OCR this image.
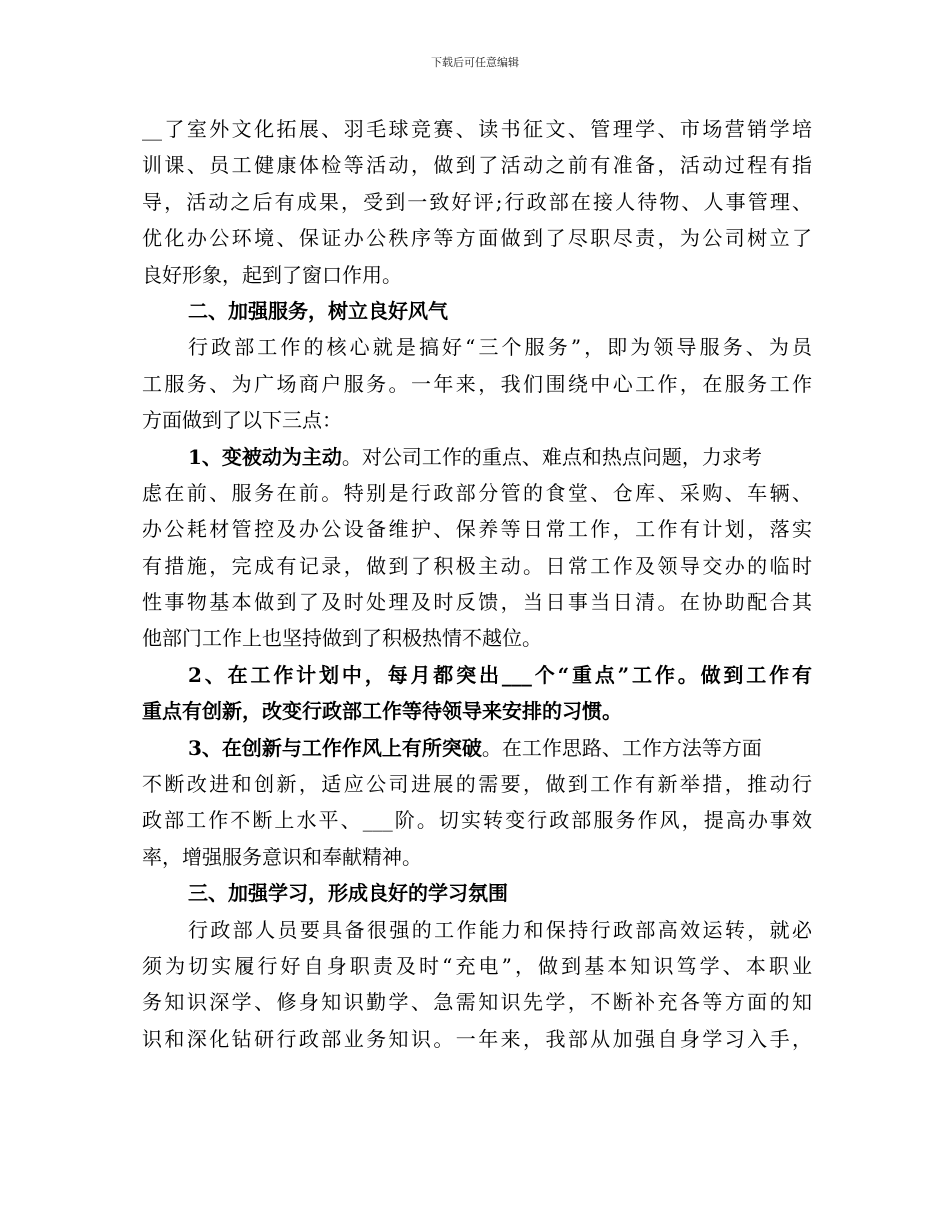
下载后可任意编辑
__了室外文化拓展、羽毛球竞赛、读书征文、管理学、市场营销学培
训课、员工健康体检等活动，做到了活动之前有准备，活动过程有指
导，活动之后有成果，受到一致好评;行政部在接人待物、人事管理、
优化办公环境、保证办公秩序等方面做到了尽职尽责，为公司树立了
良好形象，起到了窗口作用。
二、加强服务，树立良好风气
行政部工作的核心就是搞好“三个服务”，即为领导服务、为员
工服务、为广场商户服务。一年来，我们围绕中心工作，在服务工作
方面做到了以下三点：
1、变被动为主动。对公司工作的重点、难点和热点问题，力求考
虑在前、服务在前。特别是行政部分管的食堂、仓库、采购、车辆、
办公耗材管控及办公设备维护、保养等日常工作，工作有计划，落实
有措施，完成有记录，做到了积极主动。日常工作及领导交办的临时
性事物基本做到了及时处理及时反馈，当日事当日清。在协助配合其
他部门工作上也坚持做到了积极热情不越位。
2、在工作计划中，每月都突出___个“重点”工作。做到工作有
重点有创新，改变行政部工作等待领导来安排的习惯。
3、在创新与工作作风上有所突破。在工作思路、工作方法等方面
不断改进和创新，适应公司进展的需要，做到工作有新举措，推动行
政部工作不断上水平、___阶。切实转变行政部服务作风，提高办事效
率，增强服务意识和奉献精神。
三、加强学习，形成良好的学习氛围
行政部人员要具备很强的工作能力和保持行政部高效运转，就必
须为切实履行好自身职责及时“充电”，做到基本知识笃学、本职业
务知识深学、修身知识勤学、急需知识先学，不断补充各等方面的知
识和深化钻研行政部业务知识。一年来，我部从加强自身学习入手，
